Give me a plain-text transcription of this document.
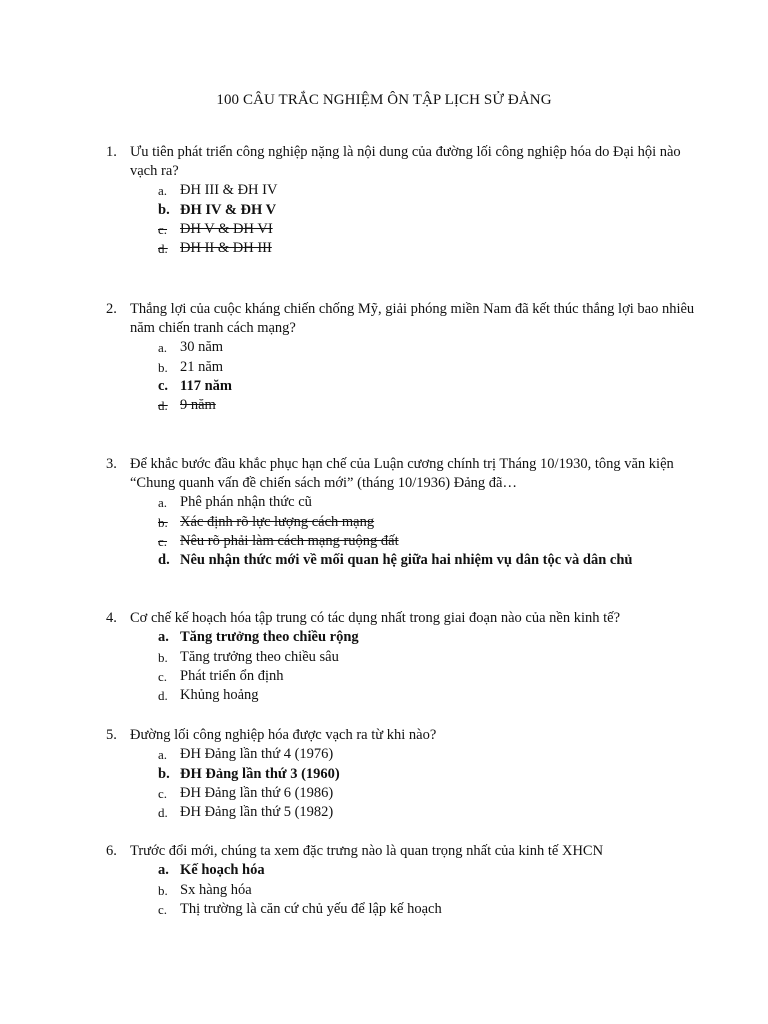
100 CÂU TRẮC NGHIỆM ÔN TẬP LỊCH SỬ ĐẢNG
1. Ưu tiên phát triển công nghiệp nặng là nội dung của đường lối công nghiệp hóa do Đại hội nào vạch ra?
a. ĐH III & ĐH IV
b. ĐH IV & ĐH V
c. ĐH V & ĐH VI
d. ĐH II & ĐH III
2. Thắng lợi của cuộc kháng chiến chống Mỹ, giải phóng miền Nam đã kết thúc thắng lợi bao nhiêu năm chiến tranh cách mạng?
a. 30 năm
b. 21 năm
c. 117 năm
d. 9 năm
3. Để khắc bước đầu khắc phục hạn chế của Luận cương chính trị Tháng 10/1930, tông văn kiện “Chung quanh vấn đề chiến sách mới” (tháng 10/1936) Đảng đã…
a. Phê phán nhận thức cũ
b. Xác định rõ lực lượng cách mạng
c. Nêu rõ phải làm cách mạng ruộng đất
d. Nêu nhận thức mới về mối quan hệ giữa hai nhiệm vụ dân tộc và dân chủ
4. Cơ chế kế hoạch hóa tập trung có tác dụng nhất trong giai đoạn nào của nền kinh tế?
a. Tăng trưởng theo chiều rộng
b. Tăng trưởng theo chiều sâu
c. Phát triển ổn định
d. Khủng hoảng
5. Đường lối công nghiệp hóa được vạch ra từ khi nào?
a. ĐH Đảng lần thứ 4 (1976)
b. ĐH Đảng lần thứ 3 (1960)
c. ĐH Đảng lần thứ 6 (1986)
d. ĐH Đảng lần thứ 5 (1982)
6. Trước đổi mới, chúng ta xem đặc trưng nào là quan trọng nhất của kinh tế XHCN
a. Kế hoạch hóa
b. Sx hàng hóa
c. Thị trường là căn cứ chủ yếu để lập kế hoạch
